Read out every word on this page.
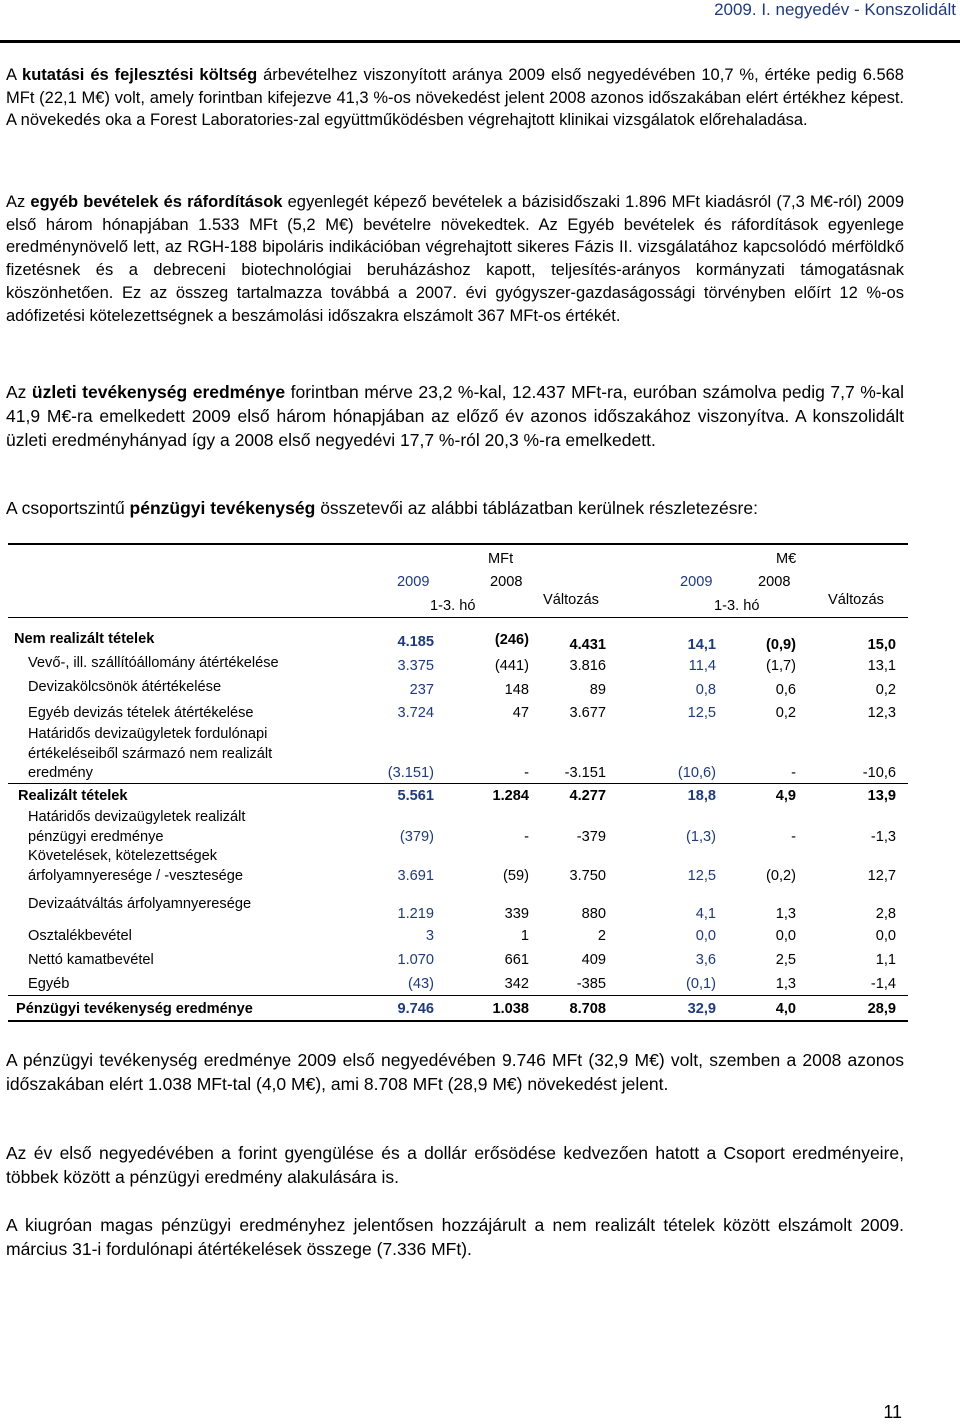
2009. I. negyedév - Konszolidált

A kutatási és fejlesztési költség árbevételhez viszonyított aránya 2009 első negyedévében 10,7 %, értéke pedig 6.568 MFt (22,1 M€) volt, amely forintban kifejezve 41,3 %-os növekedést jelent 2008 azonos időszakában elért értékhez képest. A növekedés oka a Forest Laboratories-zal együttműködésben végrehajtott klinikai vizsgálatok előrehaladása.

Az egyéb bevételek és ráfordítások egyenlegét képező bevételek a bázisidőszaki 1.896 MFt kiadásról (7,3 M€-ról) 2009 első három hónapjában 1.533 MFt (5,2 M€) bevételre növekedtek. Az Egyéb bevételek és ráfordítások egyenlege eredménynövelő lett, az RGH-188 bipoláris indikációban végrehajtott sikeres Fázis II. vizsgálatához kapcsolódó mérföldkő fizetésnek és a debreceni biotechnológiai beruházáshoz kapott, teljesítés-arányos kormányzati támogatásnak köszönhetően. Ez az összeg tartalmazza továbbá a 2007. évi gyógyszer-gazdaságossági törvényben előírt 12 %-os adófizetési kötelezettségnek a beszámolási időszakra elszámolt 367 MFt-os értékét.

Az üzleti tevékenység eredménye forintban mérve 23,2 %-kal, 12.437 MFt-ra, euróban számolva pedig 7,7 %-kal 41,9 M€-ra emelkedett 2009 első három hónapjában az előző év azonos időszakához viszonyítva. A konszolidált üzleti eredményhányad így a 2008 első negyedévi 17,7 %-ról 20,3 %-ra emelkedett.

A csoportszintű pénzügyi tevékenység összetevői az alábbi táblázatban kerülnek részletezésre:

MFt	M€
2009	2008	2009	2008
1-3. hó	Változás	1-3. hó	Változás
Nem realizált tételek	4.185	(246)	4.431	14,1	(0,9)	15,0
Vevő-, ill. szállítóállomány átértékelése	3.375	(441)	3.816	11,4	(1,7)	13,1
Devizakölcsönök átértékelése	237	148	89	0,8	0,6	0,2
Egyéb devizás tételek átértékelése	3.724	47	3.677	12,5	0,2	12,3
Határidős devizaügyletek fordulónapi
értékeléseiből származó nem realizált
eredmény	(3.151)	- -3.151	(10,6)	-	-10,6
Realizált tételek	5.561	1.284	4.277	18,8	4,9	13,9
Határidős devizaügyletek realizált
pénzügyi eredménye	(379)	-	-379	(1,3)	-	-1,3
Követelések, kötelezettségek
árfolyamnyeresége / -vesztesége	3.691	(59)	3.750	12,5	(0,2)	12,7
Devizaátváltás árfolyamnyeresége
1.219	339	880	4,1	1,3	2,8
Osztalékbevétel	3	1	2	0,0	0,0	0,0
Nettó kamatbevétel	1.070	661	409	3,6	2,5	1,1
Egyéb	(43)	342	-385	(0,1)	1,3	-1,4
Pénzügyi tevékenység eredménye	9.746	1.038	8.708	32,9	4,0	28,9

A pénzügyi tevékenység eredménye 2009 első negyedévében 9.746 MFt (32,9 M€) volt, szemben a 2008 azonos időszakában elért 1.038 MFt-tal (4,0 M€), ami 8.708 MFt (28,9 M€) növekedést jelent.

Az év első negyedévében a forint gyengülése és a dollár erősödése kedvezően hatott a Csoport eredményeire, többek között a pénzügyi eredmény alakulására is.

A kiugróan magas pénzügyi eredményhez jelentősen hozzájárult a nem realizált tételek között elszámolt 2009. március 31-i fordulónapi átértékelések összege (7.336 MFt).

11
